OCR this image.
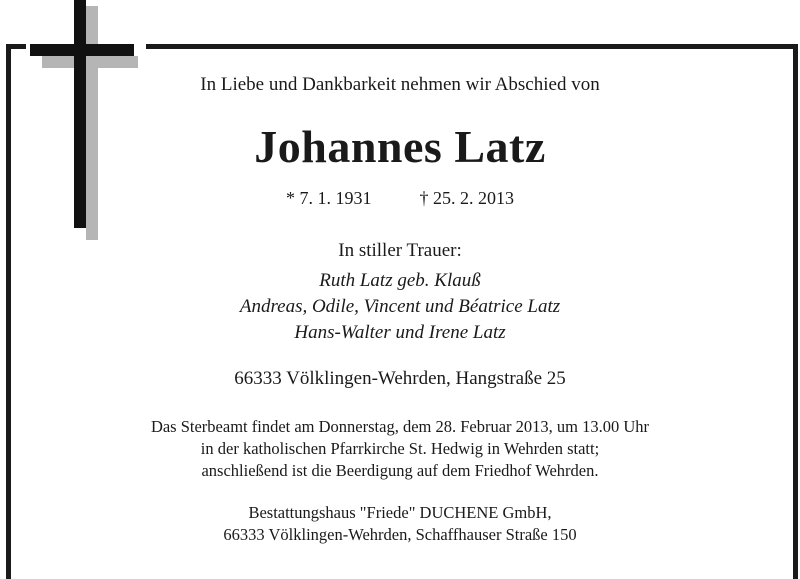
In Liebe und Dankbarkeit nehmen wir Abschied von
Johannes Latz
* 7. 1. 1931	† 25. 2. 2013
In stiller Trauer:
Ruth Latz geb. Klauß
Andreas, Odile, Vincent und Béatrice Latz
Hans-Walter und Irene Latz
66333 Völklingen-Wehrden, Hangstraße 25
Das Sterbeamt findet am Donnerstag, dem 28. Februar 2013, um 13.00 Uhr
in der katholischen Pfarrkirche St. Hedwig in Wehrden statt;
anschließend ist die Beerdigung auf dem Friedhof Wehrden.
Bestattungshaus "Friede" DUCHENE GmbH,
66333 Völklingen-Wehrden, Schaffhauser Straße 150
